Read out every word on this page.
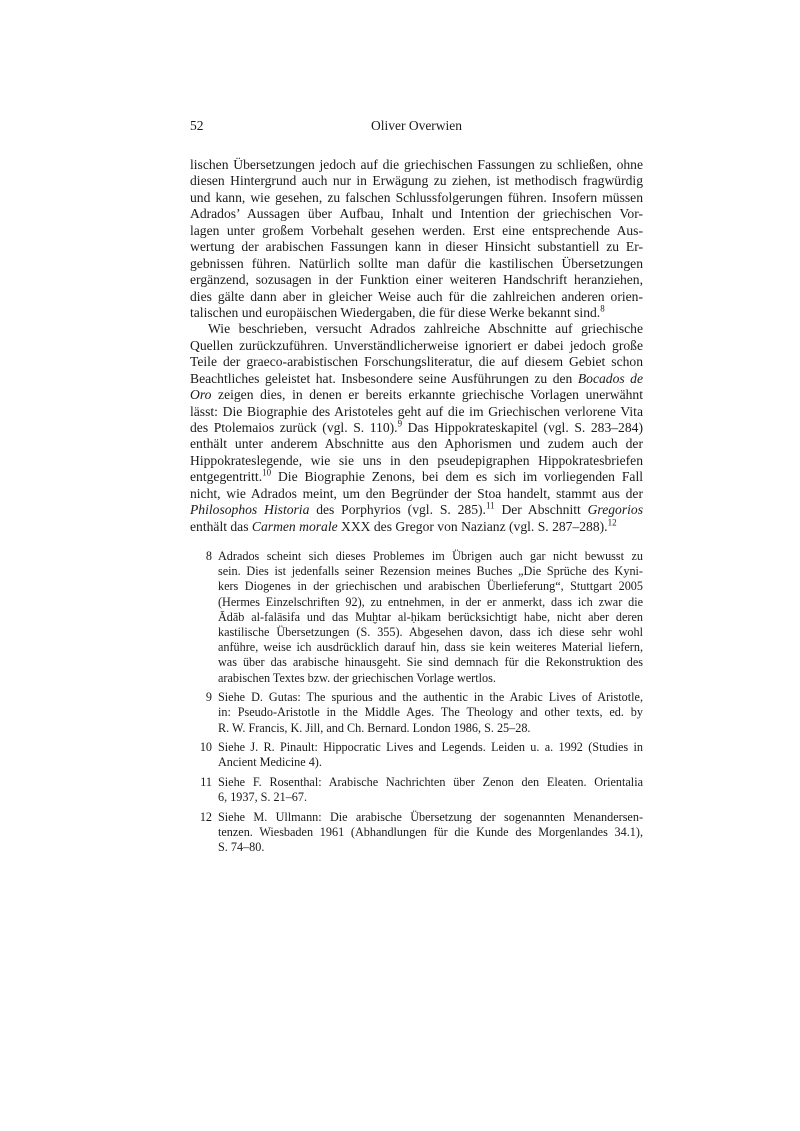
52	Oliver Overwien
lischen Übersetzungen jedoch auf die griechischen Fassungen zu schließen, ohne
diesen Hintergrund auch nur in Erwägung zu ziehen, ist methodisch fragwürdig
und kann, wie gesehen, zu falschen Schlussfolgerungen führen. Insofern müssen
Adrados’ Aussagen über Aufbau, Inhalt und Intention der griechischen Vor-
lagen unter großem Vorbehalt gesehen werden. Erst eine entsprechende Aus-
wertung der arabischen Fassungen kann in dieser Hinsicht substantiell zu Er-
gebnissen führen. Natürlich sollte man dafür die kastilischen Übersetzungen
ergänzend, sozusagen in der Funktion einer weiteren Handschrift heranziehen,
dies gälte dann aber in gleicher Weise auch für die zahlreichen anderen orien-
talischen und europäischen Wiedergaben, die für diese Werke bekannt sind.$^8$
Wie beschrieben, versucht Adrados zahlreiche Abschnitte auf griechische
Quellen zurückzuführen. Unverständlicherweise ignoriert er dabei jedoch große
Teile der graeco-arabistischen Forschungsliteratur, die auf diesem Gebiet schon
Beachtliches geleistet hat. Insbesondere seine Ausführungen zu den Bocados de
Oro zeigen dies, in denen er bereits erkannte griechische Vorlagen unerwähnt
lässt: Die Biographie des Aristoteles geht auf die im Griechischen verlorene Vita
des Ptolemaios zurück (vgl. S. 110).$^9$ Das Hippokrateskapitel (vgl. S. 283–284)
enthält unter anderem Abschnitte aus den Aphorismen und zudem auch der
Hippokrateslegende, wie sie uns in den pseudepigraphen Hippokratesbriefen
entgegentritt.$^{10}$ Die Biographie Zenons, bei dem es sich im vorliegenden Fall
nicht, wie Adrados meint, um den Begründer der Stoa handelt, stammt aus der
Philosophos Historia des Porphyrios (vgl. S. 285).$^{11}$ Der Abschnitt Gregorios
enthält das Carmen morale XXX des Gregor von Nazianz (vgl. S. 287–288).$^{12}$
8 Adrados scheint sich dieses Problemes im Übrigen auch gar nicht bewusst zu
sein. Dies ist jedenfalls seiner Rezension meines Buches „Die Sprüche des Kyni-
kers Diogenes in der griechischen und arabischen Überlieferung“, Stuttgart 2005
(Hermes Einzelschriften 92), zu entnehmen, in der er anmerkt, dass ich zwar die
Ādāb al-falāsifa und das Muḫtar al-ḥikam berücksichtigt habe, nicht aber deren
kastilische Übersetzungen (S. 355). Abgesehen davon, dass ich diese sehr wohl
anführe, weise ich ausdrücklich darauf hin, dass sie kein weiteres Material liefern,
was über das arabische hinausgeht. Sie sind demnach für die Rekonstruktion des
arabischen Textes bzw. der griechischen Vorlage wertlos.
9 Siehe D. Gutas: The spurious and the authentic in the Arabic Lives of Aristotle,
in: Pseudo-Aristotle in the Middle Ages. The Theology and other texts, ed. by
R. W. Francis, K. Jill, and Ch. Bernard. London 1986, S. 25–28.
10 Siehe J. R. Pinault: Hippocratic Lives and Legends. Leiden u. a. 1992 (Studies in
Ancient Medicine 4).
11 Siehe F. Rosenthal: Arabische Nachrichten über Zenon den Eleaten. Orientalia
6, 1937, S. 21–67.
12 Siehe M. Ullmann: Die arabische Übersetzung der sogenannten Menandersen-
tenzen. Wiesbaden 1961 (Abhandlungen für die Kunde des Morgenlandes 34.1),
S. 74–80.
